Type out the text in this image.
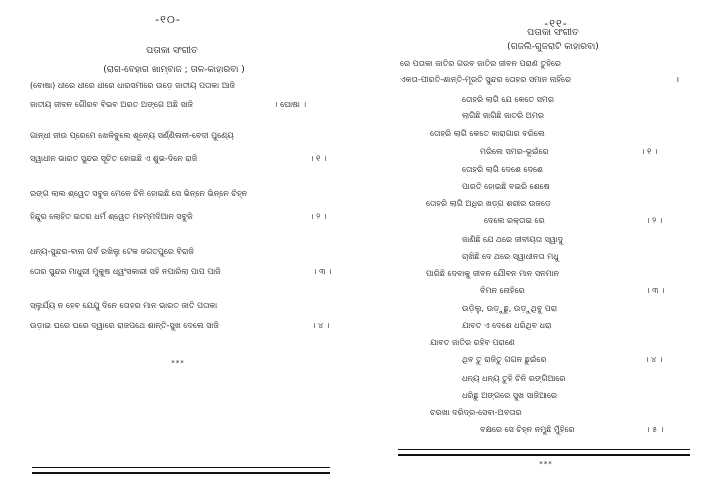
-୧୦-
ପତାକା ସଂଗୀତ
(ରାଗ-ବେହାଗ ଖାମ୍ବାଜ ; ତାଳ-କାହାରବା )
(ବୋଷା) ଧୀରେ ଧୀରେ ଧୀରେ ଧାରସମୀରେ ଉଡ଼େ ଜାତୀୟ ପତାକା ଆଜି
ଜାତୀୟ ଜୀବନ ଗୌରବ ବିଭବ ଅରତ ଅଙ୍ଗେ ଅଛି ସାଜି	। ଘୋଷା ।
ଗାନ୍ଧୀ ଜୀଉ ପ୍ରେମେ ଖେଳିବୁଲେ ଶୂନ୍ୟେ ସର୍ଣ୍ଣିଳାନୀ-ବେଦୀ ପୁଣ୍ୟେ
ସ୍ୱାଧୀନ ଭାରତ ସୁନ୍ଦର ସୂଚିତ ହୋଇଛି ଏ ଶୁଭ-ଦିନେ ରାଜି	। ୧ ।
ରଙ୍ଗ ଲାଲ ଶ୍ୱେତ ସବୁଜ ମେଳେ ଚିନି ହୋଇଛି ସେ ଭିନ୍ନେ ଭିନ୍ନେ ଚିହ୍ନ
ହିନ୍ଦୁର ଲୋହିତ ଇତର ଧର୍ମ ଶ୍ୱେତ ମହମ୍ମଦିଆନ ସବୁଜି	। ୨ ।
ଧନ୍ୟ-ସୁନ୍ଦର-ବାନା ଗର୍ବ ରଖିଲୁ ଟେକ ଜଗତପୁରେ ବିରାଜି
ତୋର ସୁନ୍ଦର ମାଧୁରୀ ମୁକୁଷ ଧ୍ୱଂସକାରୀ ସହି ନପାରିଲା ପାପ ପାଜି	। ୩ ।
ସ୍ଲୁର୍ଯ୍ୟ ନ ହେବ ଯେଯୁ ଦିନେ ତୋହର ମାନ ଭାରତ ଜାତି ପତାକା
ଉଡ଼ାଇ ଘରେ ଘରେ ଦ୍ୱାରେ ରାଜପଥେ ଶାନ୍ତି-ସୁଖ ଦେଲେ ସାଜି	। ୪ ।
***
-୧୧-
ପତାକା ସଂଗୀତ
(ଗଜଲି-ଗୁଜରାଟି କାହାରବା)
ରେ ପତାକା ଜାତିର ଗରବ ଜାତିର ଜୀବନ ପରାଣ ତୁହିରେ
ଏକତା-ପୀରତି-ଶାନ୍ତି-ମୂରତି ସୁନ୍ଦର ତୋହର ସମାନ ନାହିଁରେ	।
ତୋହରି ଲାଗି ଯେ କେତେ ସମର
ଲାଗିଛି ଜାଗିଛି ଜାତରି ଅମର
ତୋହରି ଲାଗି କେତେ କାରାଗାର ବରିଲେ
ମରିଲେ ସମର-ଭୂଇଁରେ	। ୧ ।
ତୋହରି ଲାଗି ଦେଶେ ଦେଶେ
ପାରତି ହୋଇଛି ବଇରି ଶେଷେ
ତୋହରି ଲାଗି ଅଧିର ଖଡ଼୍ଗ ଶରୀର ଉଜଡେ
ଦେଲେ ରକ୍ତାଇ ରେ	। ୨ ।
ଜାଣିଛି ଯେ ଥରେ ଜୀବୀୟତା ସ୍ୱାଦୁ
ଚାଖିଛି ଦେ ଥରେ ସ୍ୱାଧୀନତା ମଧୁ
ପାରିଛି ଦେବାକୁ ଜୀବନ ଯୌବନ ମାନ ସନମାନ
ବିମନ ନୋହିରେ	। ୩ ।
ଉଡ଼ିଲୁ, ଉଡ଼ୁଛୁ, ଉଡ଼ୁଥିବୁ ପରା
ଯାବତ ଏ ଦେଶେ ଧରିଥିବ ଧରା
ଯାବତ ଜାତିର ରହିବ ପରାଣେ
ଥିବ ତୁ ରାଜିତୁ ଗଗନ ଛୁଇଁରେ	। ୪ ।
ଧନ୍ୟ ଧନ୍ୟ ତୁହି ଚିନି ରଙ୍ଗିଆରେ
ଧରିଛୁ ଅଙ୍ଗରେ ସୁଖ ସାଜିଆରେ
ଚରଖା ଦରିଦ୍ର-ସେବା-ଅବତାର
ବକ୍ଷରେ ସେ ଚିହ୍ନ ନମୁଛି ମୁଁହିରେ	। ୫ ।
***
